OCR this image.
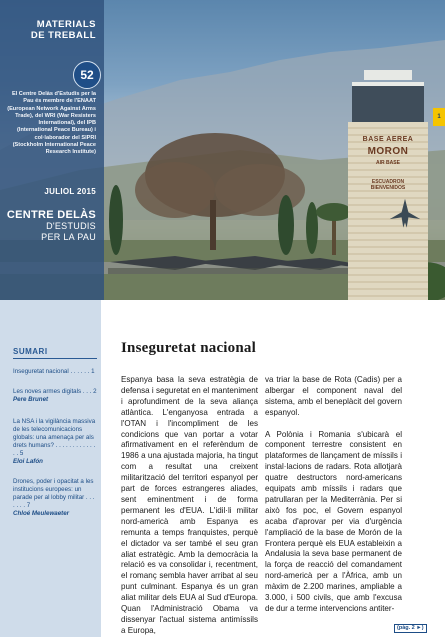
BASE AEREA
MORON
AIR BASE
ESCUADRON
BIENVENIDOS
1
MATERIALS
DE TREBALL
52
El Centre Delàs d'Estudis per la Pau és membre de l'ENAAT (European Network Against Arms Trade), del WRI (War Resisters International), del IPB (International Peace Bureau) i col·laborador del SIPRI (Stockholm International Peace Research Institute)
JULIOL 2015
CENTRE DELÀS
D'ESTUDIS
PER LA PAU
SUMARI
Inseguretat nacional . . . . . . 1
Les noves armes digitals . . . 2
Pere Brunet
La NSA i la vigilància massiva de les telecomunicacions globals: una amenaça per als drets humans? . . . . . . . . . . . . . . 5
Eloi Lafón
Drones, poder i opacitat a les institucions europees: un parade per al lobby militar . . . . . . . 7
Chloé Meulewaeter
Inseguretat nacional

Espanya basa la seva estratègia de defensa i seguretat en el manteniment i aprofundiment de la seva aliança atlàntica. L'enganyosa entrada a l'OTAN i l'incompliment de les condicions que van portar a votar afirmativament en el referèndum de 1986 a una ajustada majoria, ha tingut com a resultat una creixent militarització del territori espanyol per part de forces estrangeres aliades, sent eminentment i de forma permanent les d'EUA. L'idil·li militar nord-americà amb Espanya es remunta a temps franquistes, perquè el dictador va ser també el seu gran aliat estratègic. Amb la democràcia la relació es va consolidar i, recentment, el romanç sembla haver arribat al seu punt culminant. Espanya és un gran aliat militar dels EUA al Sud d'Europa. Quan l'Administració Obama va dissenyar l'actual sistema antimíssils a Europa,

va triar la base de Rota (Cadis) per a albergar el component naval del sistema, amb el beneplàcit del govern espanyol.

A Polònia i Romania s'ubicarà el component terrestre consistent en plataformes de llançament de míssils i instal·lacions de radars. Rota allotjarà quatre destructors nord-americans equipats amb míssils i radars que patrullaran per la Mediterrània. Per si això fos poc, el Govern espanyol acaba d'aprovar per via d'urgència l'ampliació de la base de Morón de la Frontera perquè els EUA estableixin a Andalusia la seva base permanent de la força de reacció del comandament nord-americà per a l'Àfrica, amb un màxim de 2.200 marines, ampliable a 3.000, i 500 civils, que amb l'excusa de dur a terme intervencions antiter-

(pàg. 2 ►)
